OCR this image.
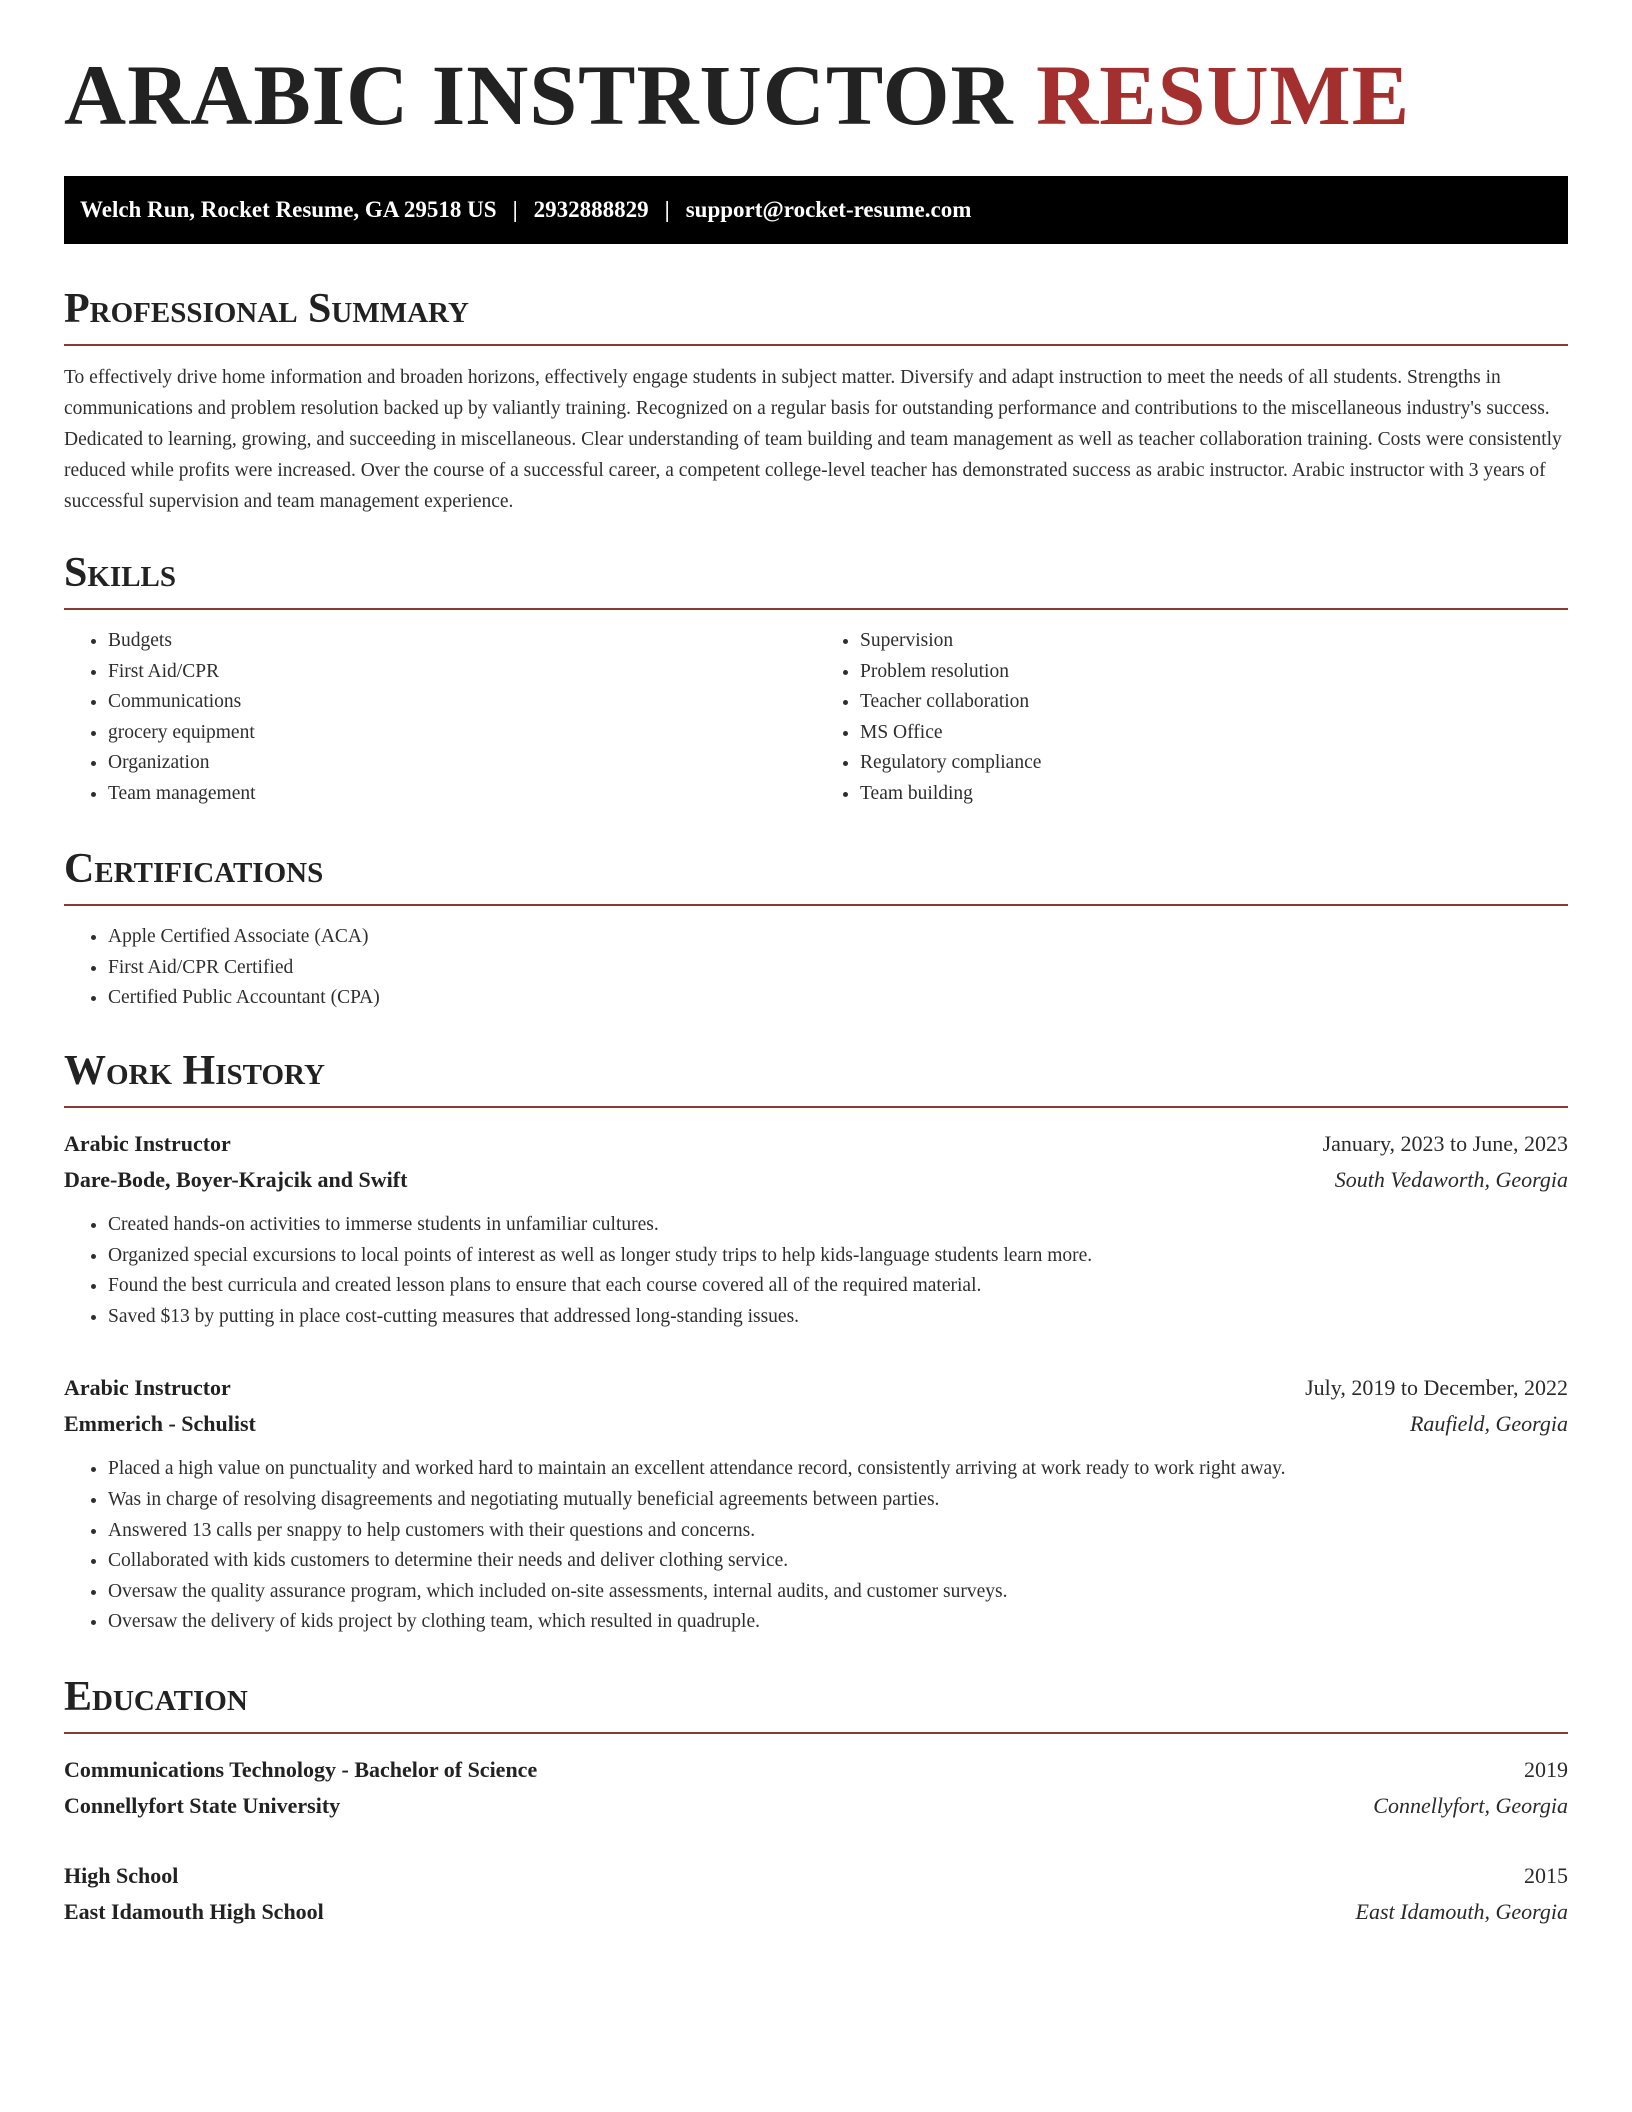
ARABIC INSTRUCTOR RESUME
Welch Run, Rocket Resume, GA 29518 US | 2932888829 | support@rocket-resume.com
Professional Summary

To effectively drive home information and broaden horizons, effectively engage students in subject matter. Diversify and adapt instruction to meet the needs of all students. Strengths in communications and problem resolution backed up by valiantly training. Recognized on a regular basis for outstanding performance and contributions to the miscellaneous industry's success. Dedicated to learning, growing, and succeeding in miscellaneous. Clear understanding of team building and team management as well as teacher collaboration training. Costs were consistently reduced while profits were increased. Over the course of a successful career, a competent college-level teacher has demonstrated success as arabic instructor. Arabic instructor with 3 years of successful supervision and team management experience.

Skills
• Budgets
• First Aid/CPR
• Communications
• grocery equipment
• Organization
• Team management
• Supervision
• Problem resolution
• Teacher collaboration
• MS Office
• Regulatory compliance
• Team building
Certifications
• Apple Certified Associate (ACA)
• First Aid/CPR Certified
• Certified Public Accountant (CPA)
Work History
Arabic Instructor	January, 2023 to June, 2023
Dare-Bode, Boyer-Krajcik and Swift	South Vedaworth, Georgia
• Created hands-on activities to immerse students in unfamiliar cultures.
• Organized special excursions to local points of interest as well as longer study trips to help kids-language students learn more.
• Found the best curricula and created lesson plans to ensure that each course covered all of the required material.
• Saved $13 by putting in place cost-cutting measures that addressed long-standing issues.
Arabic Instructor	July, 2019 to December, 2022
Emmerich - Schulist	Raufield, Georgia
• Placed a high value on punctuality and worked hard to maintain an excellent attendance record, consistently arriving at work ready to work right away.
• Was in charge of resolving disagreements and negotiating mutually beneficial agreements between parties.
• Answered 13 calls per snappy to help customers with their questions and concerns.
• Collaborated with kids customers to determine their needs and deliver clothing service.
• Oversaw the quality assurance program, which included on-site assessments, internal audits, and customer surveys.
• Oversaw the delivery of kids project by clothing team, which resulted in quadruple.
Education
Communications Technology - Bachelor of Science	2019
Connellyfort State University	Connellyfort, Georgia
High School	2015
East Idamouth High School	East Idamouth, Georgia
